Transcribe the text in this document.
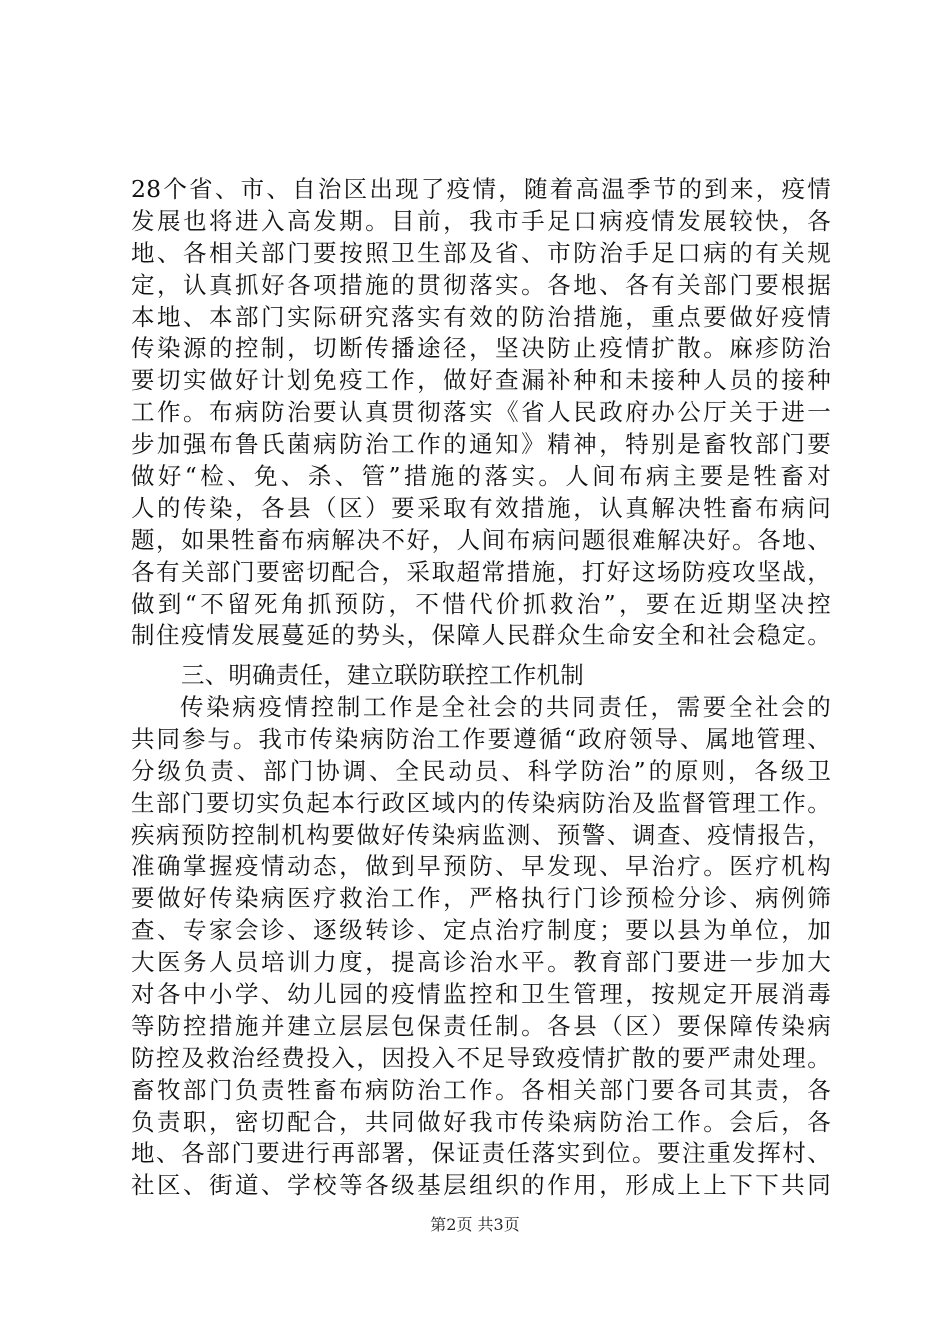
28个省、市、自治区出现了疫情，随着高温季节的到来，疫情
发展也将进入高发期。目前，我市手足口病疫情发展较快，各
地、各相关部门要按照卫生部及省、市防治手足口病的有关规
定，认真抓好各项措施的贯彻落实。各地、各有关部门要根据
本地、本部门实际研究落实有效的防治措施，重点要做好疫情
传染源的控制，切断传播途径，坚决防止疫情扩散。麻疹防治
要切实做好计划免疫工作，做好查漏补种和未接种人员的接种
工作。布病防治要认真贯彻落实《省人民政府办公厅关于进一
步加强布鲁氏菌病防治工作的通知》精神，特别是畜牧部门要
做好“检、免、杀、管”措施的落实。人间布病主要是牲畜对
人的传染，各县（区）要采取有效措施，认真解决牲畜布病问
题，如果牲畜布病解决不好，人间布病问题很难解决好。各地、
各有关部门要密切配合，采取超常措施，打好这场防疫攻坚战，
做到“不留死角抓预防，不惜代价抓救治”，要在近期坚决控
制住疫情发展蔓延的势头，保障人民群众生命安全和社会稳定。
三、明确责任，建立联防联控工作机制
传染病疫情控制工作是全社会的共同责任，需要全社会的
共同参与。我市传染病防治工作要遵循“政府领导、属地管理、
分级负责、部门协调、全民动员、科学防治”的原则，各级卫
生部门要切实负起本行政区域内的传染病防治及监督管理工作。
疾病预防控制机构要做好传染病监测、预警、调查、疫情报告，
准确掌握疫情动态，做到早预防、早发现、早治疗。医疗机构
要做好传染病医疗救治工作，严格执行门诊预检分诊、病例筛
查、专家会诊、逐级转诊、定点治疗制度；要以县为单位，加
大医务人员培训力度，提高诊治水平。教育部门要进一步加大
对各中小学、幼儿园的疫情监控和卫生管理，按规定开展消毒
等防控措施并建立层层包保责任制。各县（区）要保障传染病
防控及救治经费投入，因投入不足导致疫情扩散的要严肃处理。
畜牧部门负责牲畜布病防治工作。各相关部门要各司其责，各
负责职，密切配合，共同做好我市传染病防治工作。会后，各
地、各部门要进行再部署，保证责任落实到位。要注重发挥村、
社区、街道、学校等各级基层组织的作用，形成上上下下共同
第2页 共3页
